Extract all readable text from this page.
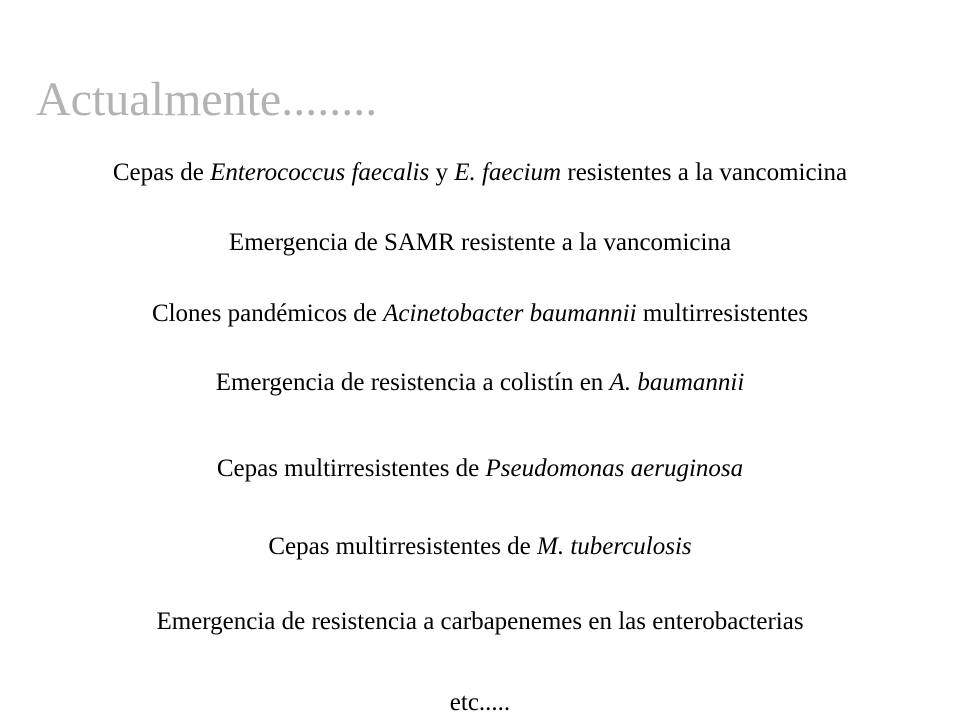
Actualmente........
Cepas de Enterococcus faecalis y E. faecium resistentes a la vancomicina
Emergencia de SAMR resistente a la vancomicina
Clones pandémicos de Acinetobacter baumannii multirresistentes
Emergencia de resistencia a colistín en A. baumannii
Cepas multirresistentes de Pseudomonas aeruginosa
Cepas multirresistentes de M. tuberculosis
Emergencia de resistencia a carbapenemes en las enterobacterias
etc.....
